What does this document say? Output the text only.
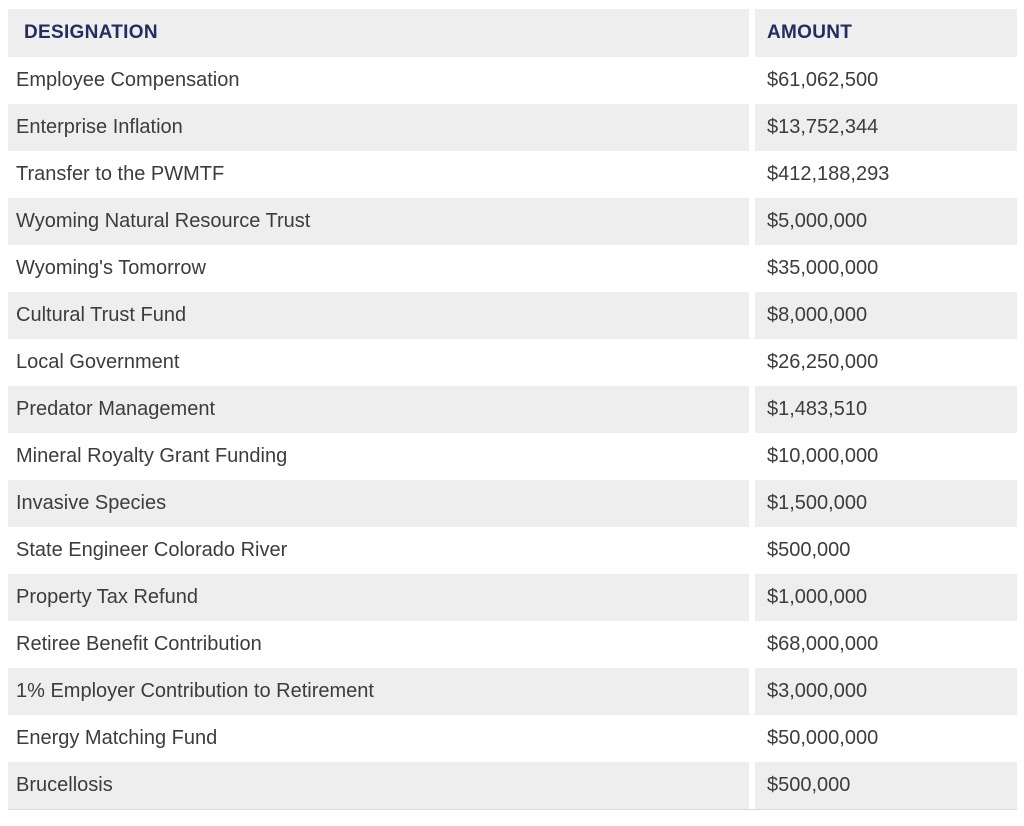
DESIGNATION	AMOUNT
Employee Compensation	$61,062,500
Enterprise Inflation	$13,752,344
Transfer to the PWMTF	$412,188,293
Wyoming Natural Resource Trust	$5,000,000
Wyoming's Tomorrow	$35,000,000
Cultural Trust Fund	$8,000,000
Local Government	$26,250,000
Predator Management	$1,483,510
Mineral Royalty Grant Funding	$10,000,000
Invasive Species	$1,500,000
State Engineer Colorado River	$500,000
Property Tax Refund	$1,000,000
Retiree Benefit Contribution	$68,000,000
1% Employer Contribution to Retirement	$3,000,000
Energy Matching Fund	$50,000,000
Brucellosis	$500,000
